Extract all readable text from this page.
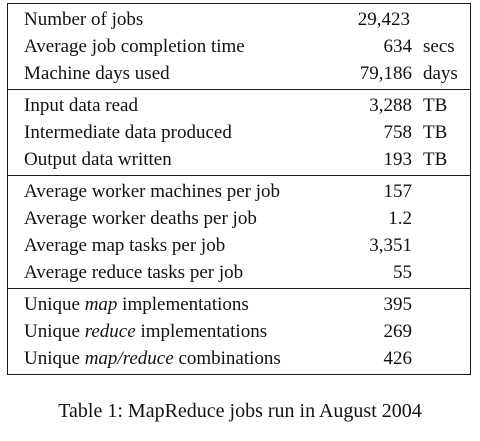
Number of jobs	29,423
Average job completion time	634 secs
Machine days used	79,186 days
Input data read	3,288 TB
Intermediate data produced	758 TB
Output data written	193 TB
Average worker machines per job	157
Average worker deaths per job	1.2
Average map tasks per job	3,351
Average reduce tasks per job	55
Unique map implementations	395
Unique reduce implementations	269
Unique map/reduce combinations	426
Table 1: MapReduce jobs run in August 2004
